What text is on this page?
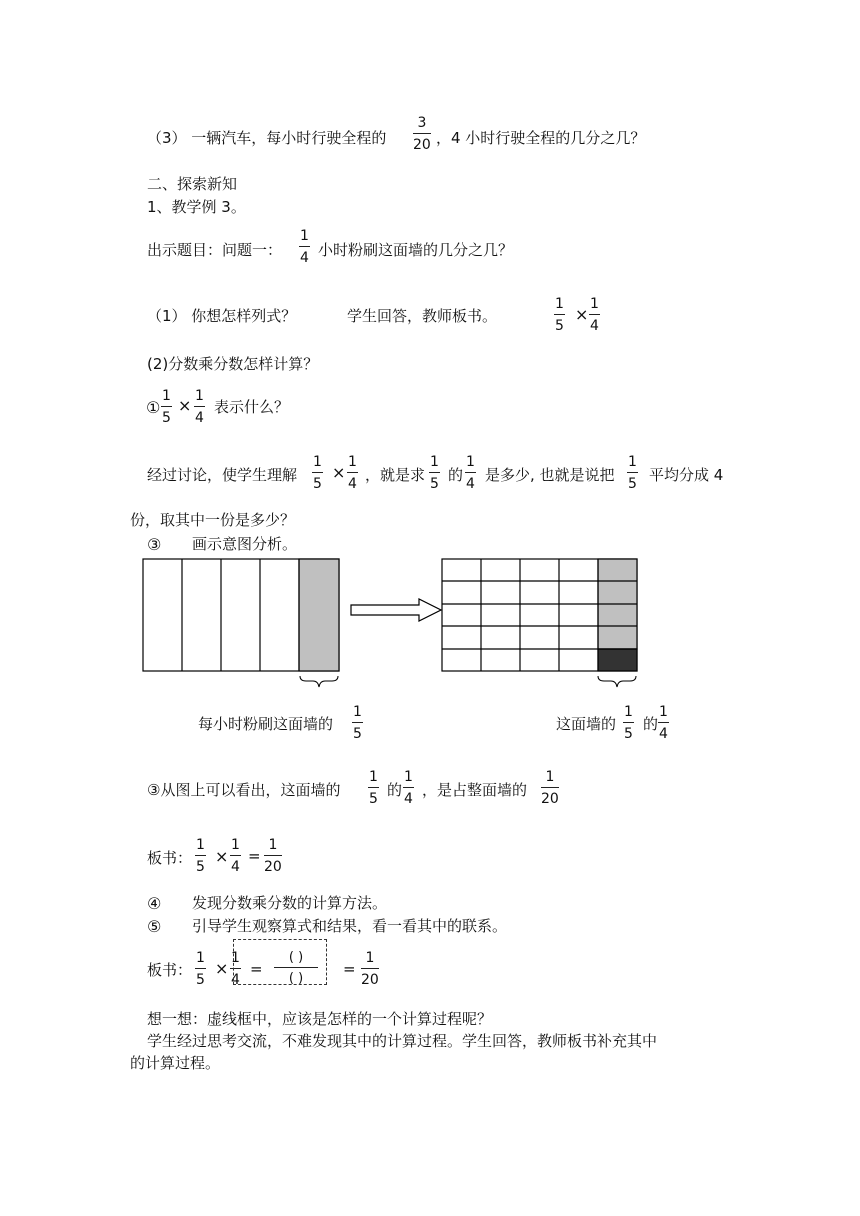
（3） 一辆汽车，每小时行驶全程的
3
20 ，4 小时行驶全程的几分之几？
二、探索新知
1、教学例 3。
出示题目：问题一：
1
4 小时粉刷这面墙的几分之几？
（1） 你想怎样列式？	学生回答，教师板书。
1
5
×
1
4
(2)分数乘分数怎样计算？
①
1
5
× 1
4
表示什么？
经过讨论，使学生理解
1
5
×
1
4 ，就是求
1
5 的
1
4 是多少, 也就是说把
1
5 平均分成 4
份，取其中一份是多少？
③ 画示意图分析。
每小时粉刷这面墙的
1
5
这面墙的
1
5
的
1
4
③从图上可以看出，这面墙的
1
5 的
1
4 ，是占整面墙的
1
20
板书：
1
5
×
1
4
=
1
20
④ 发现分数乘分数的计算方法。
⑤ 引导学生观察算式和结果，看一看其中的联系。
板书：
1
5
×
1
4
=
( )
( )
=
1
20
想一想：虚线框中，应该是怎样的一个计算过程呢？
学生经过思考交流，不难发现其中的计算过程。学生回答，教师板书补充其中
的计算过程。
